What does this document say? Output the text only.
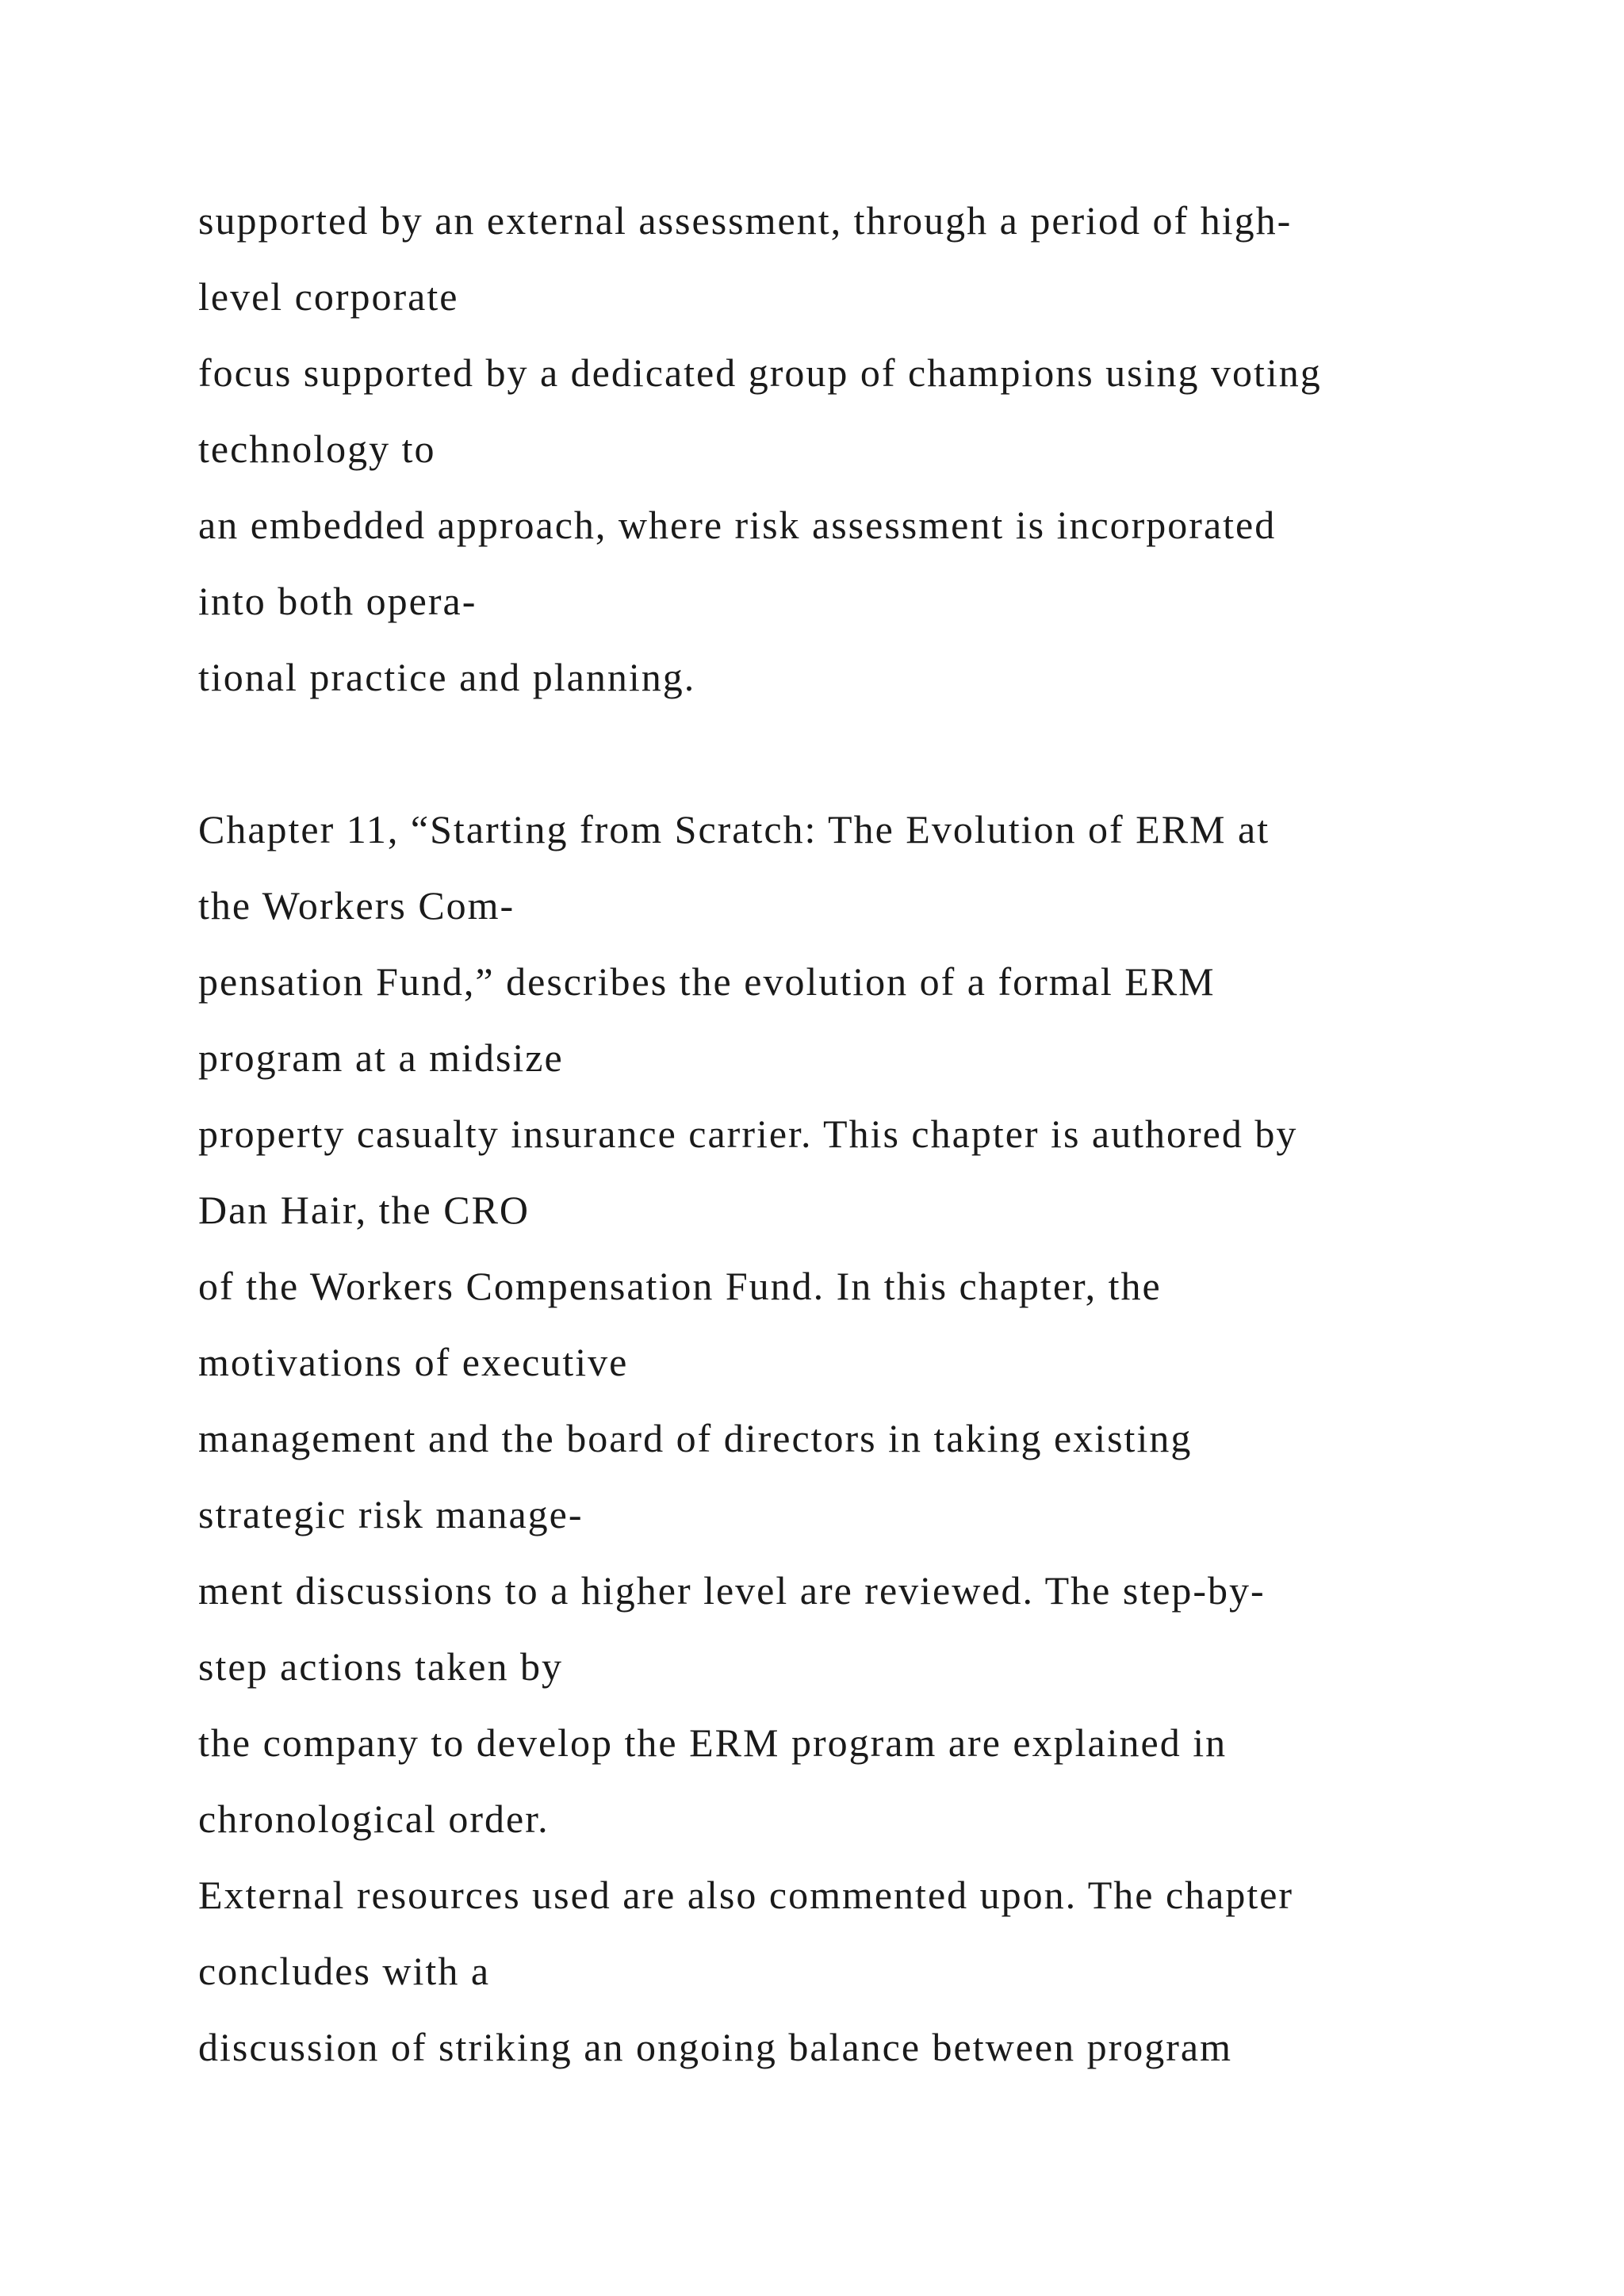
supported by an external assessment, through a period of high-
level corporate
focus supported by a dedicated group of champions using voting
technology to
an embedded approach, where risk assessment is incorporated
into both opera-
tional practice and planning.
Chapter 11, “Starting from Scratch: The Evolution of ERM at
the Workers Com-
pensation Fund,” describes the evolution of a formal ERM
program at a midsize
property casualty insurance carrier. This chapter is authored by
Dan Hair, the CRO
of the Workers Compensation Fund. In this chapter, the
motivations of executive
management and the board of directors in taking existing
strategic risk manage-
ment discussions to a higher level are reviewed. The step-by-
step actions taken by
the company to develop the ERM program are explained in
chronological order.
External resources used are also commented upon. The chapter
concludes with a
discussion of striking an ongoing balance between program
